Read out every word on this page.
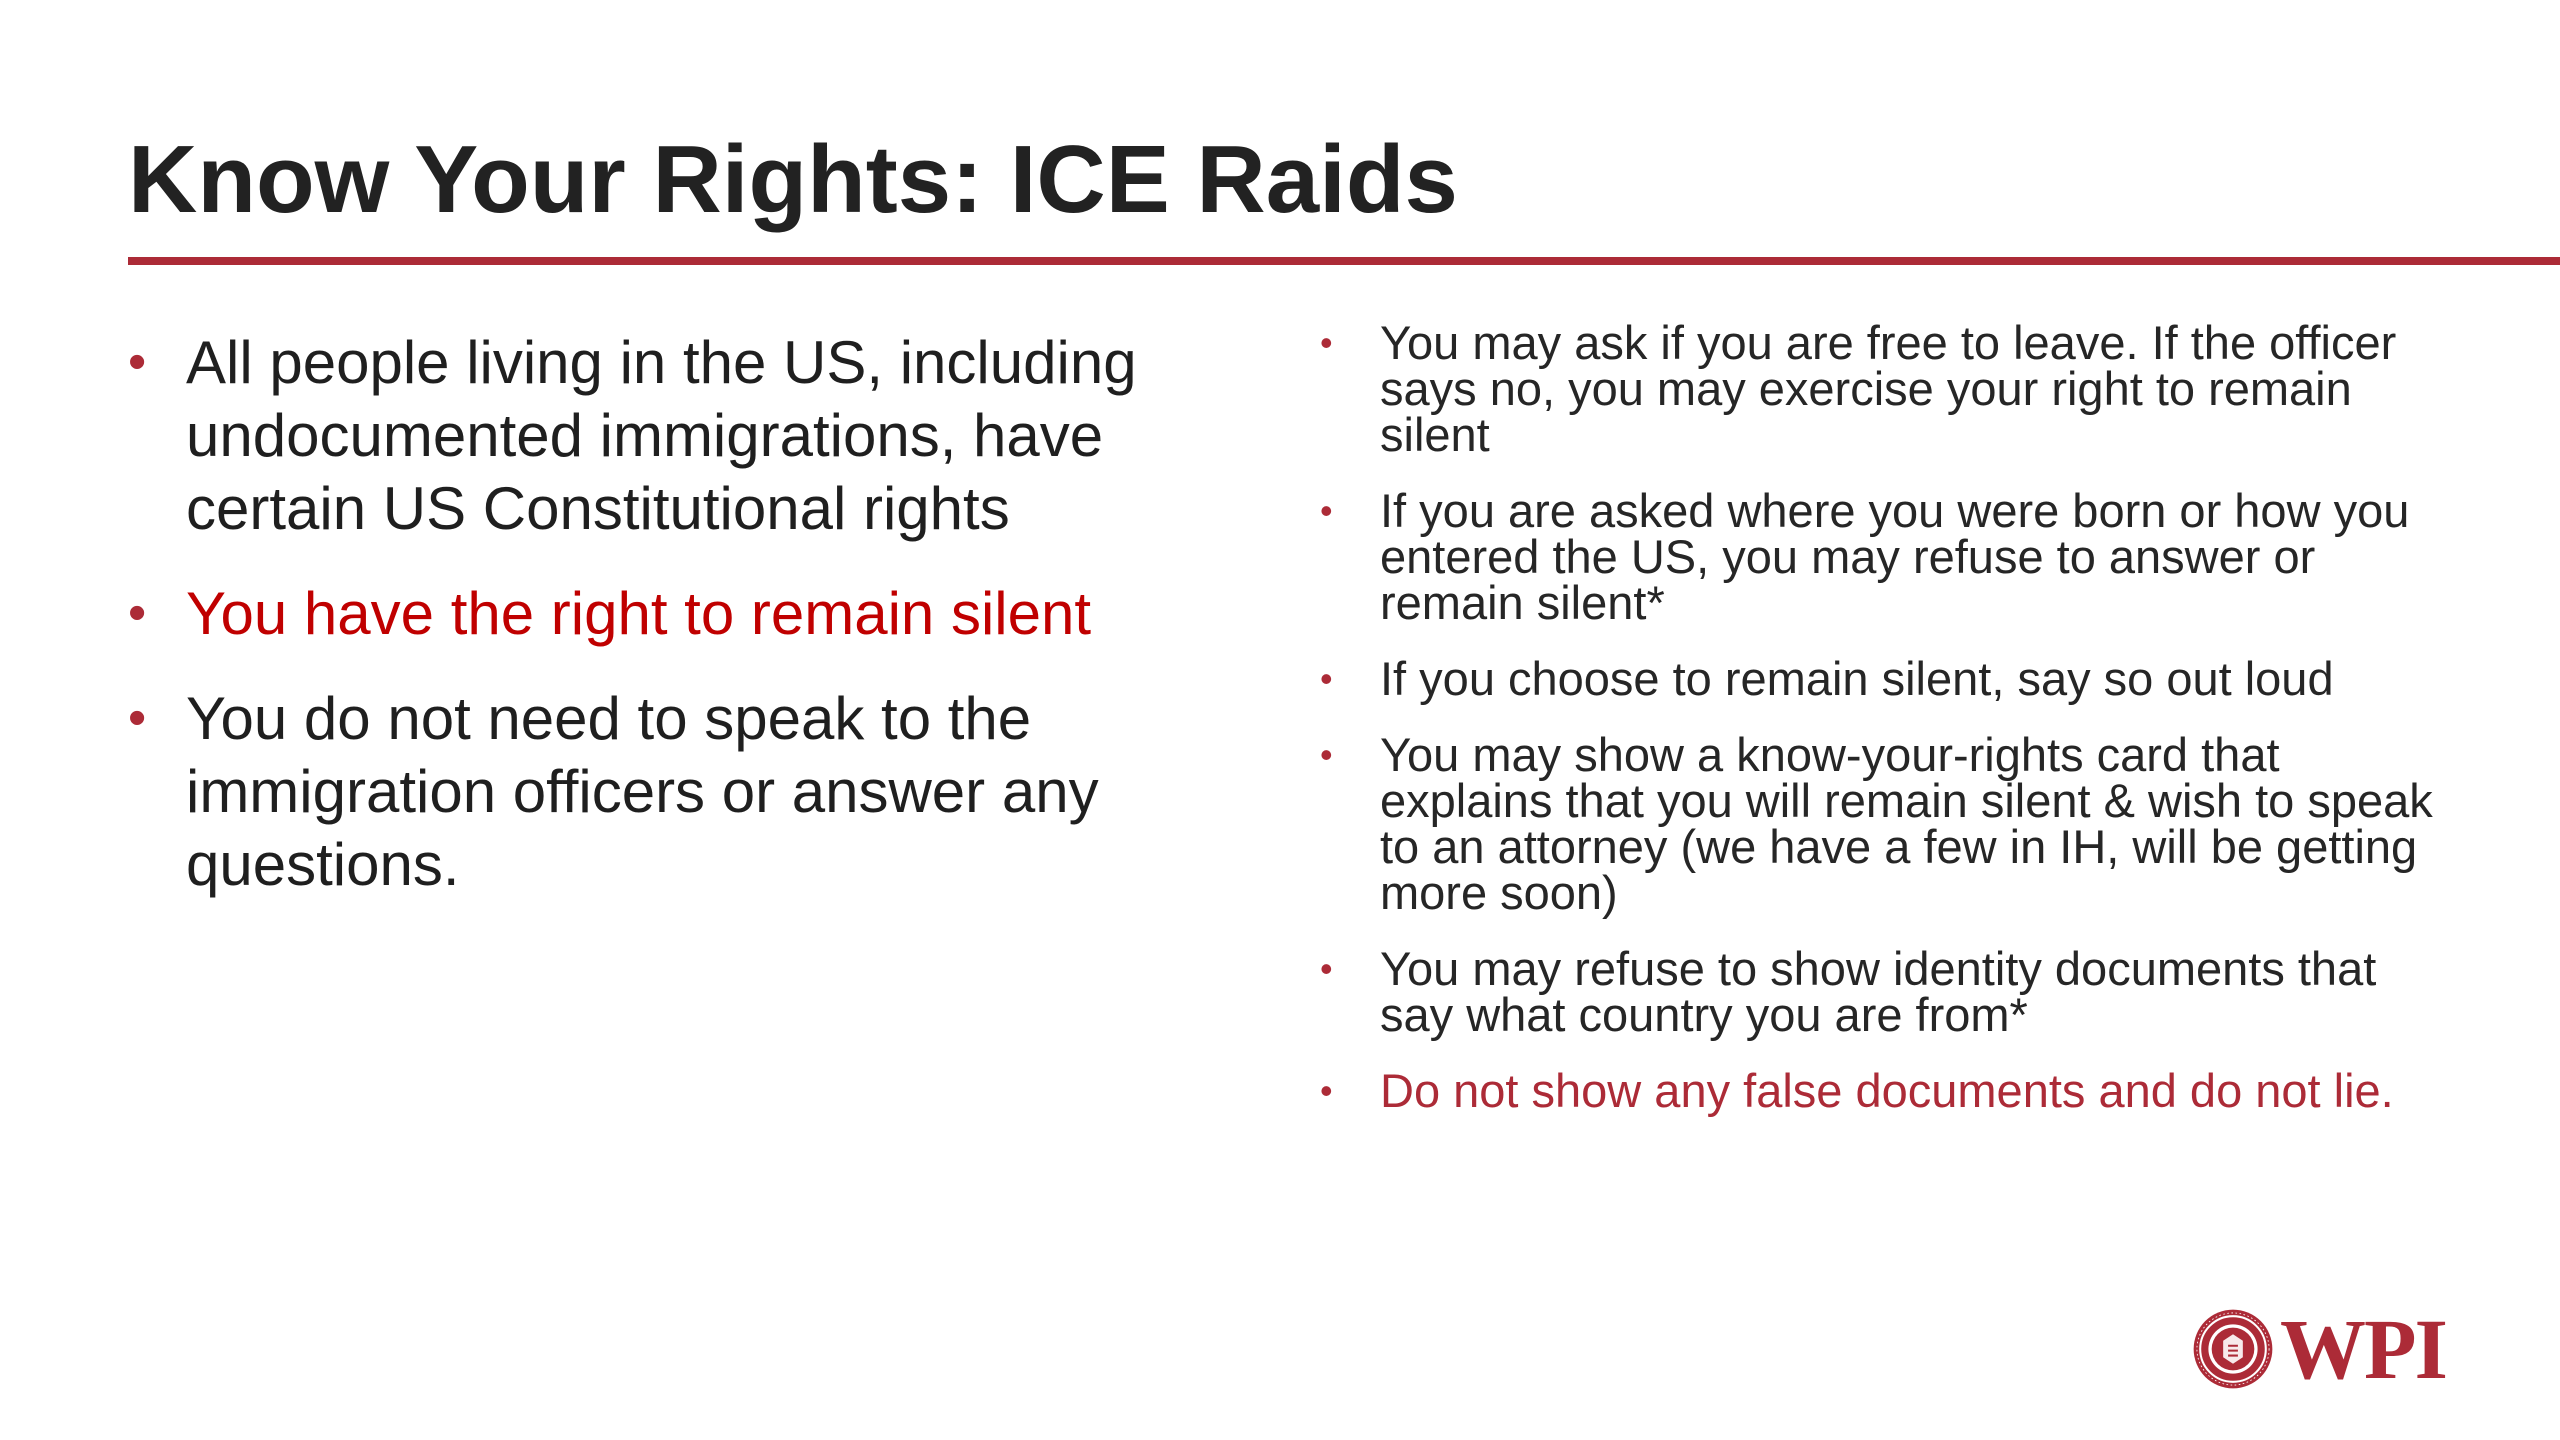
Know Your Rights: ICE Raids
• All people living in the US, including undocumented immigrations, have certain US Constitutional rights
• You have the right to remain silent
• You do not need to speak to the immigration officers or answer any questions.
• You may ask if you are free to leave. If the officer says no, you may exercise your right to remain silent
• If you are asked where you were born or how you entered the US, you may refuse to answer or remain silent*
• If you choose to remain silent, say so out loud
• You may show a know-your-rights card that explains that you will remain silent & wish to speak to an attorney (we have a few in IH, will be getting more soon)
• You may refuse to show identity documents that say what country you are from*
• Do not show any false documents and do not lie.
WPI
